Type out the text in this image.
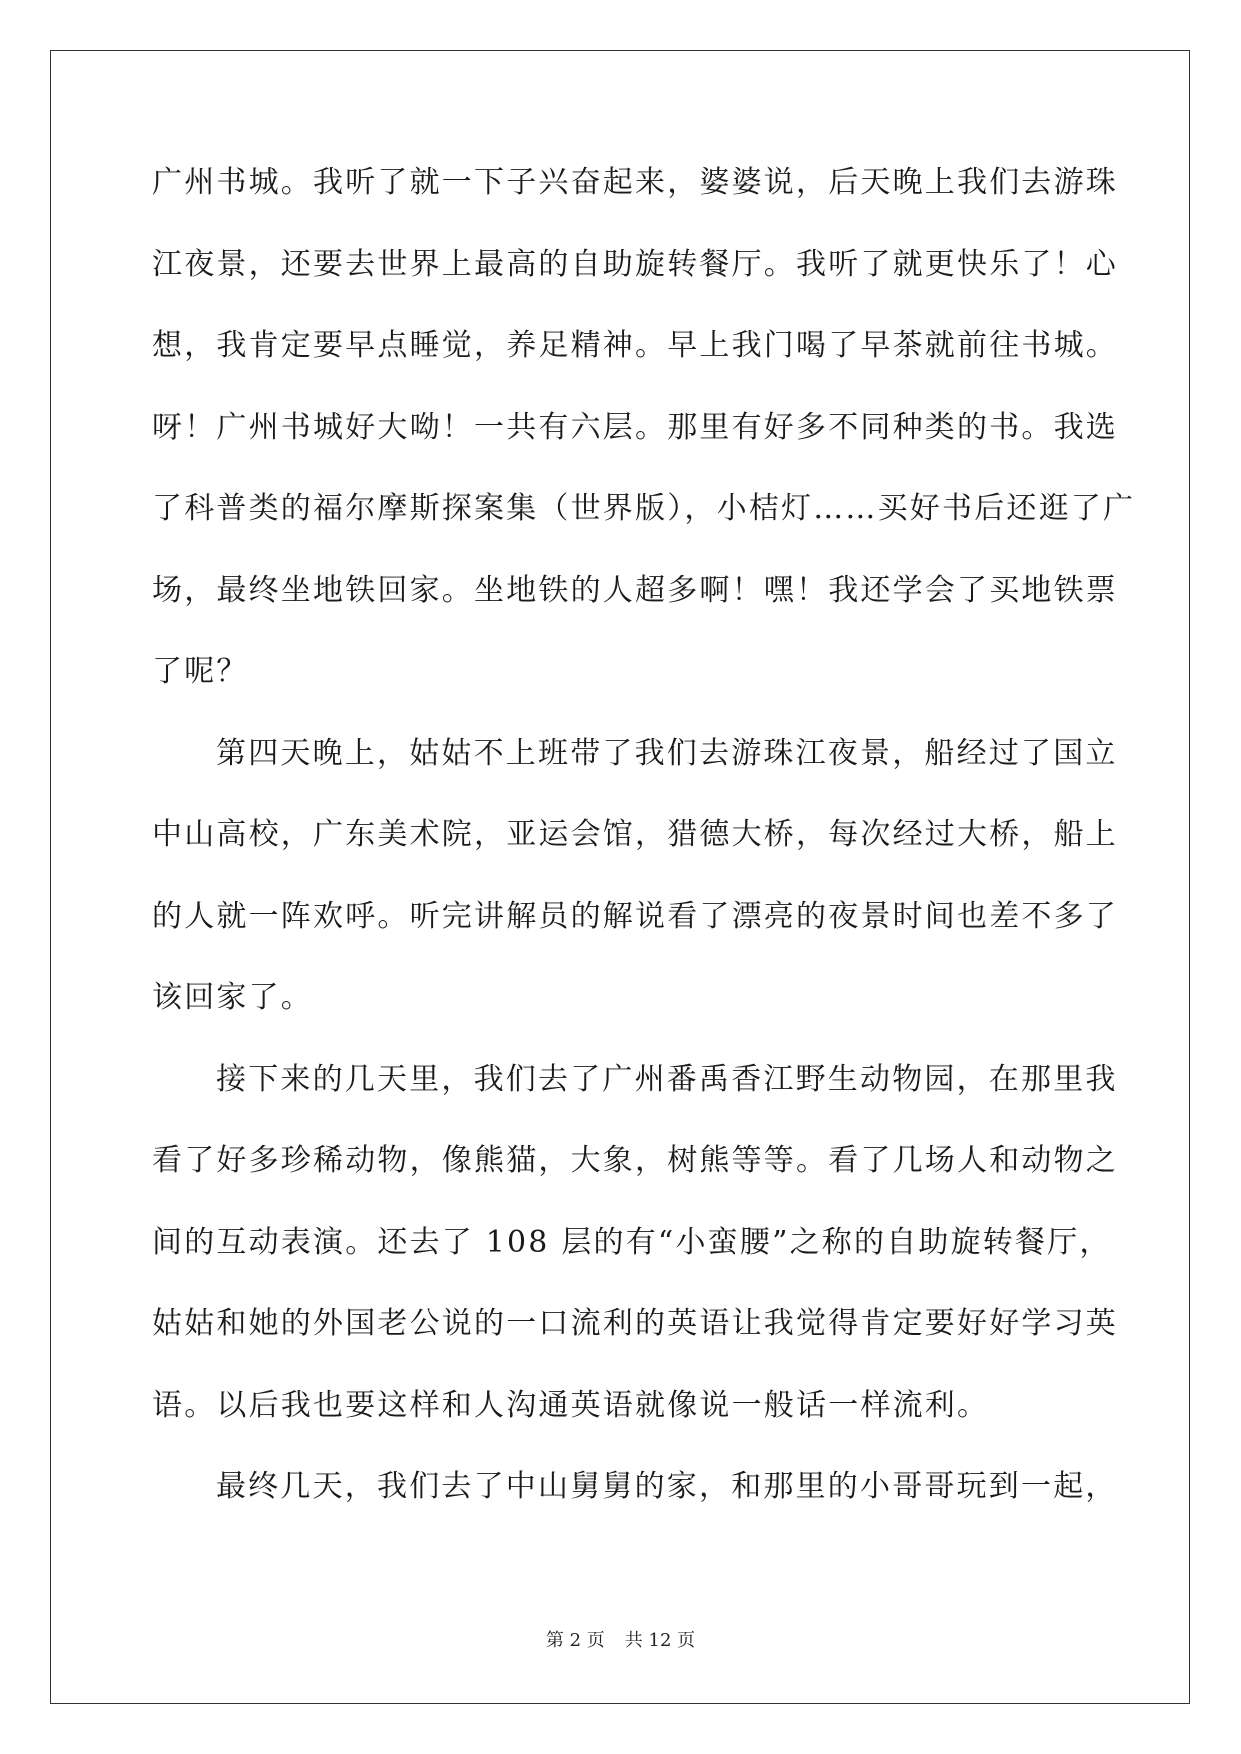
广州书城。我听了就一下子兴奋起来，婆婆说，后天晚上我们去游珠
江夜景，还要去世界上最高的自助旋转餐厅。我听了就更快乐了！心
想，我肯定要早点睡觉，养足精神。早上我门喝了早茶就前往书城。
呀！广州书城好大呦！一共有六层。那里有好多不同种类的书。我选
了科普类的福尔摩斯探案集（世界版），小桔灯……买好书后还逛了广
场，最终坐地铁回家。坐地铁的人超多啊！嘿！我还学会了买地铁票
了呢？
第四天晚上，姑姑不上班带了我们去游珠江夜景，船经过了国立
中山高校，广东美术院，亚运会馆，猎德大桥，每次经过大桥，船上
的人就一阵欢呼。听完讲解员的解说看了漂亮的夜景时间也差不多了
该回家了。
接下来的几天里，我们去了广州番禹香江野生动物园，在那里我
看了好多珍稀动物，像熊猫，大象，树熊等等。看了几场人和动物之
间的互动表演。还去了 108 层的有“小蛮腰”之称的自助旋转餐厅，
姑姑和她的外国老公说的一口流利的英语让我觉得肯定要好好学习英
语。以后我也要这样和人沟通英语就像说一般话一样流利。
最终几天，我们去了中山舅舅的家，和那里的小哥哥玩到一起，
第 2 页 共 12 页
